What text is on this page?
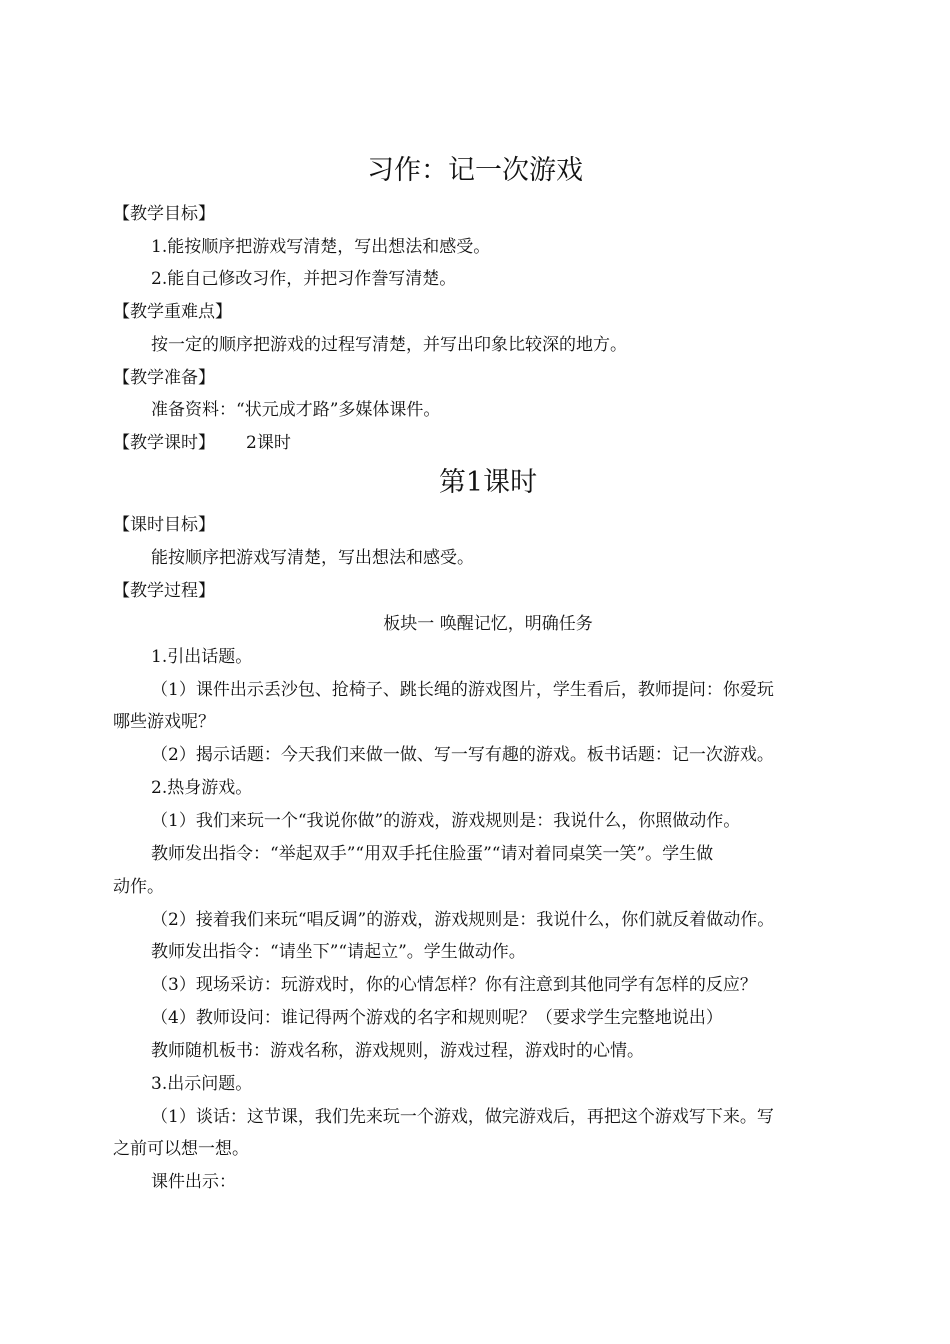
习作：记一次游戏
【教学目标】
1.能按顺序把游戏写清楚，写出想法和感受。
2.能自己修改习作，并把习作誊写清楚。
【教学重难点】
按一定的顺序把游戏的过程写清楚，并写出印象比较深的地方。
【教学准备】
准备资料：“状元成才路”多媒体课件。
【教学课时】 2课时
第1课时
【课时目标】
能按顺序把游戏写清楚，写出想法和感受。
【教学过程】
板块一 唤醒记忆，明确任务
1.引出话题。
（1）课件出示丢沙包、抢椅子、跳长绳的游戏图片，学生看后，教师提问：你爱玩
哪些游戏呢？
（2）揭示话题：今天我们来做一做、写一写有趣的游戏。板书话题：记一次游戏。
2.热身游戏。
（1）我们来玩一个“我说你做”的游戏，游戏规则是：我说什么，你照做动作。
教师发出指令：“举起双手”“用双手托住脸蛋”“请对着同桌笑一笑”。学生做
动作。
（2）接着我们来玩“唱反调”的游戏，游戏规则是：我说什么，你们就反着做动作。
教师发出指令：“请坐下”“请起立”。学生做动作。
（3）现场采访：玩游戏时，你的心情怎样？你有注意到其他同学有怎样的反应？
（4）教师设问：谁记得两个游戏的名字和规则呢？（要求学生完整地说出）
教师随机板书：游戏名称，游戏规则，游戏过程，游戏时的心情。
3.出示问题。
（1）谈话：这节课，我们先来玩一个游戏，做完游戏后，再把这个游戏写下来。写
之前可以想一想。
课件出示：
